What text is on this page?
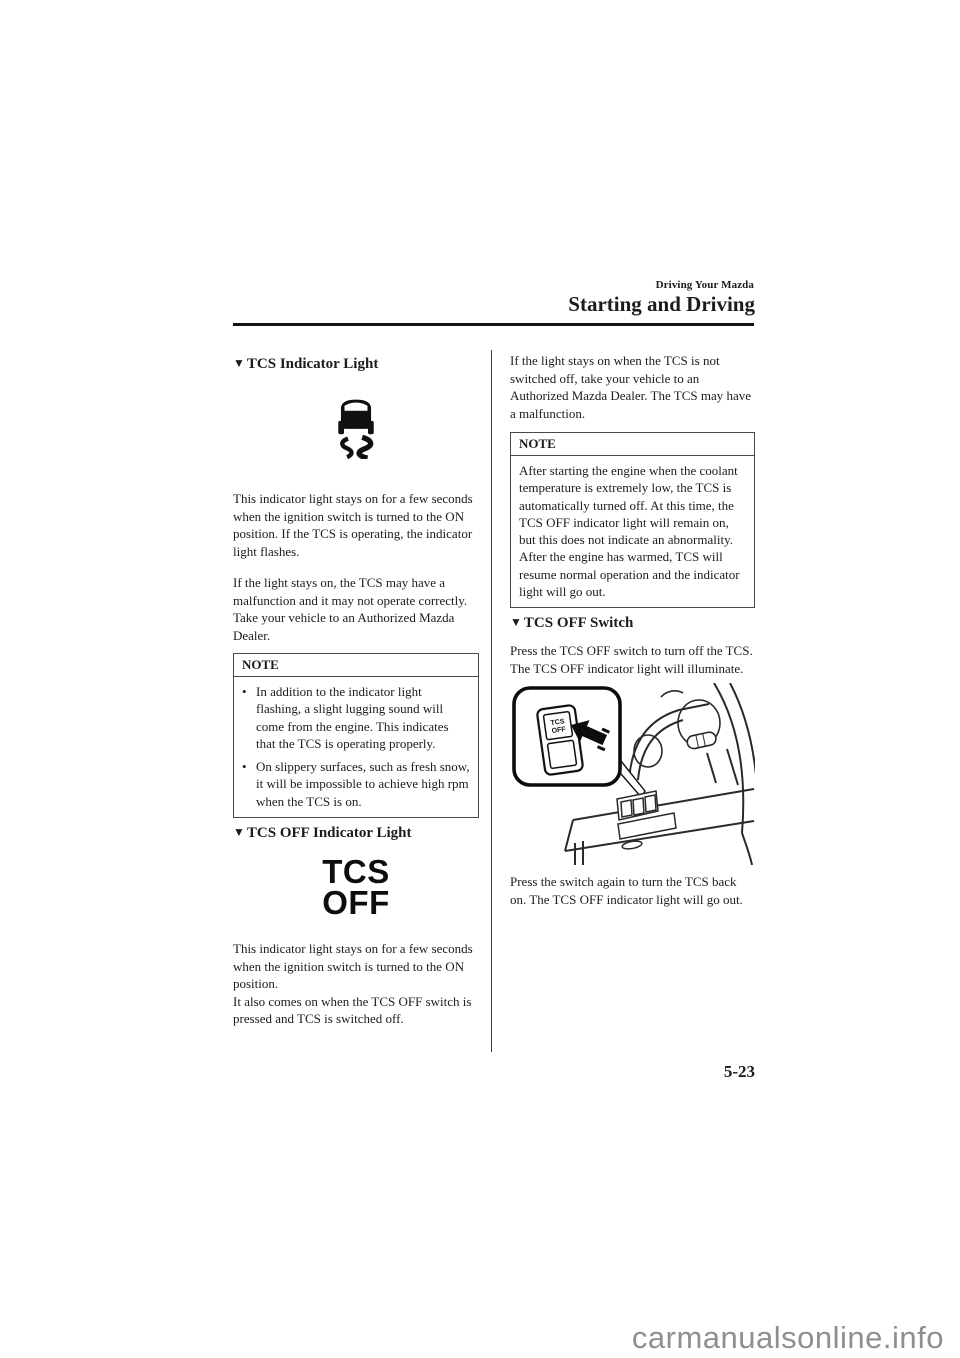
Driving Your Mazda
Starting and Driving
▼ TCS Indicator Light

This indicator light stays on for a few seconds when the ignition switch is turned to the ON position. If the TCS is operating, the indicator light flashes.

If the light stays on, the TCS may have a malfunction and it may not operate correctly. Take your vehicle to an Authorized Mazda Dealer.

NOTE
• In addition to the indicator light flashing, a slight lugging sound will come from the engine. This indicates that the TCS is operating properly.
• On slippery surfaces, such as fresh snow, it will be impossible to achieve high rpm when the TCS is on.
▼ TCS OFF Indicator Light
TCS
OFF

This indicator light stays on for a few seconds when the ignition switch is turned to the ON position.

It also comes on when the TCS OFF switch is pressed and TCS is switched off.

If the light stays on when the TCS is not switched off, take your vehicle to an Authorized Mazda Dealer. The TCS may have a malfunction.

NOTE

After starting the engine when the coolant temperature is extremely low, the TCS is automatically turned off. At this time, the TCS OFF indicator light will remain on, but this does not indicate an abnormality. After the engine has warmed, TCS will resume normal operation and the indicator light will go out.

▼ TCS OFF Switch

Press the TCS OFF switch to turn off the TCS. The TCS OFF indicator light will illuminate.

TCS
OFF

Press the switch again to turn the TCS back on. The TCS OFF indicator light will go out.

5-23
carmanualsonline.info
